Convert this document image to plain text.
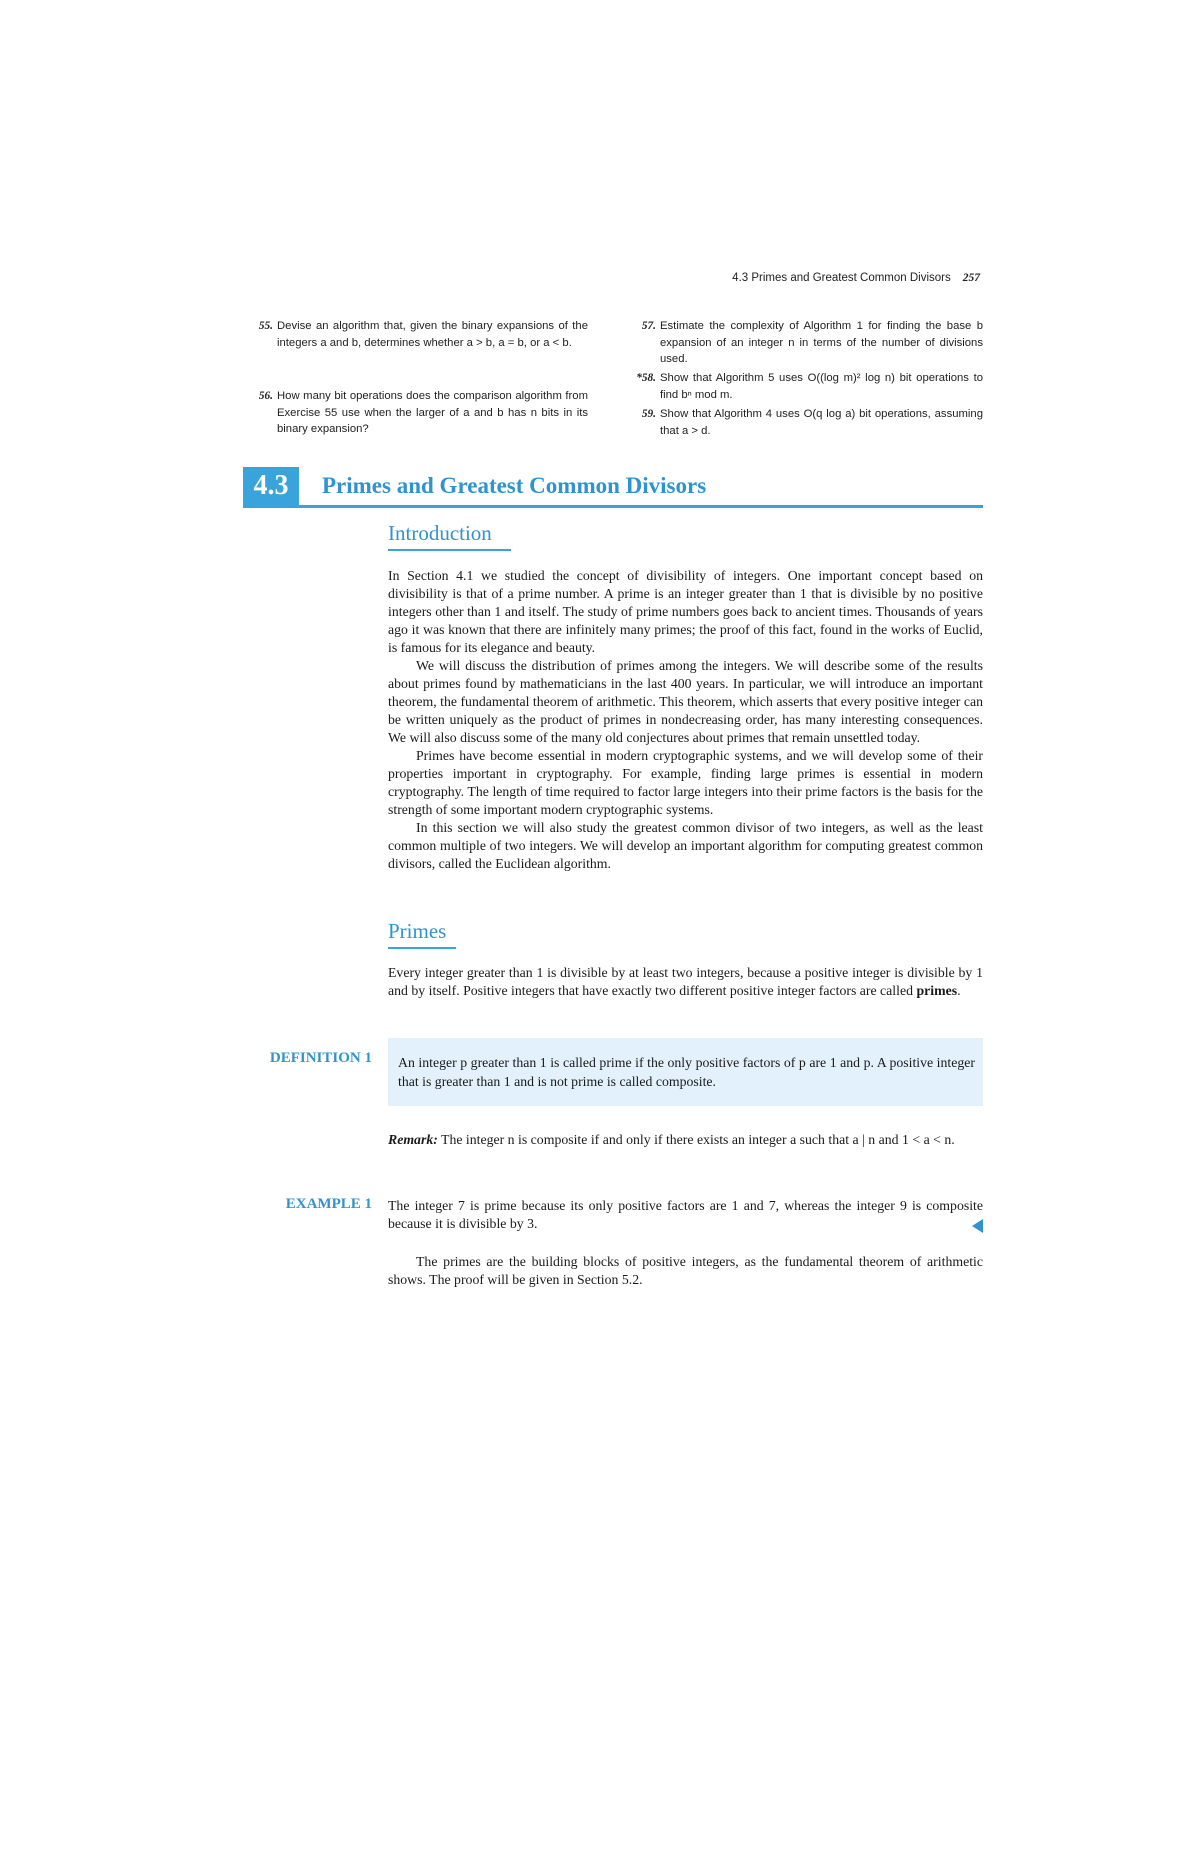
4.3 Primes and Greatest Common Divisors 257
55. Devise an algorithm that, given the binary expansions of the integers a and b, determines whether a > b, a = b, or a < b.
56. How many bit operations does the comparison algorithm from Exercise 55 use when the larger of a and b has n bits in its binary expansion?
57. Estimate the complexity of Algorithm 1 for finding the base b expansion of an integer n in terms of the number of divisions used.
*58. Show that Algorithm 5 uses O((log m)² log n) bit operations to find bⁿ mod m.
59. Show that Algorithm 4 uses O(q log a) bit operations, assuming that a > d.
4.3	Primes and Greatest Common Divisors
Introduction

In Section 4.1 we studied the concept of divisibility of integers. One important concept based on divisibility is that of a prime number. A prime is an integer greater than 1 that is divisible by no positive integers other than 1 and itself. The study of prime numbers goes back to ancient times. Thousands of years ago it was known that there are infinitely many primes; the proof of this fact, found in the works of Euclid, is famous for its elegance and beauty.

We will discuss the distribution of primes among the integers. We will describe some of the results about primes found by mathematicians in the last 400 years. In particular, we will introduce an important theorem, the fundamental theorem of arithmetic. This theorem, which asserts that every positive integer can be written uniquely as the product of primes in nondecreasing order, has many interesting consequences. We will also discuss some of the many old conjectures about primes that remain unsettled today.

Primes have become essential in modern cryptographic systems, and we will develop some of their properties important in cryptography. For example, finding large primes is essential in modern cryptography. The length of time required to factor large integers into their prime factors is the basis for the strength of some important modern cryptographic systems.

In this section we will also study the greatest common divisor of two integers, as well as the least common multiple of two integers. We will develop an important algorithm for computing greatest common divisors, called the Euclidean algorithm.

Primes

Every integer greater than 1 is divisible by at least two integers, because a positive integer is divisible by 1 and by itself. Positive integers that have exactly two different positive integer factors are called primes.

DEFINITION 1 An integer p greater than 1 is called prime if the only positive factors of p are 1 and p. A positive integer that is greater than 1 and is not prime is called composite.

Remark: The integer n is composite if and only if there exists an integer a such that a | n and 1 < a < n.

EXAMPLE 1 The integer 7 is prime because its only positive factors are 1 and 7, whereas the integer 9 is composite because it is divisible by 3.

The primes are the building blocks of positive integers, as the fundamental theorem of arithmetic shows. The proof will be given in Section 5.2.
